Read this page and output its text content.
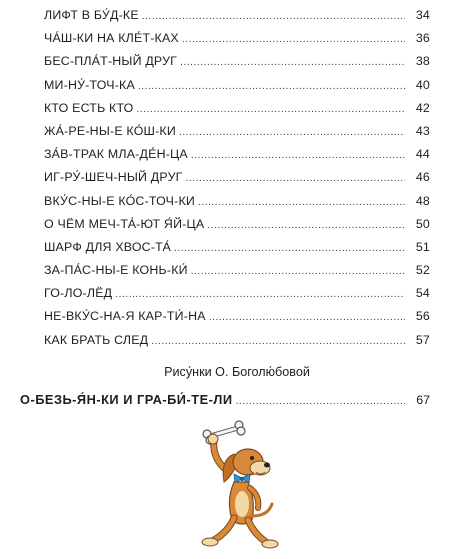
ЛИФТ В БУ́Д-КЕ . . .	34
ЧА́Ш-КИ НА КЛЕ́Т-КАХ . . .	36
БЕС-ПЛА́Т-НЫЙ ДРУГ . . .	38
МИ-НУ́-ТОЧ-КА . . .	40
КТО ЕСТЬ КТО . . .	42
ЖА́-РЕ-НЫ-Е КО́Ш-КИ . . .	43
ЗА́В-ТРАК МЛА-ДЕ́Н-ЦА . . .	44
ИГ-РУ́-ШЕЧ-НЫЙ ДРУГ . . .	46
ВКУ́С-НЫ-Е КО́С-ТОЧ-КИ . . .	48
О ЧЁМ МЕЧ-ТА́-ЮТ Я́Й-ЦА . . .	50
ШАРФ ДЛЯ ХВОС-ТА́ . . .	51
ЗА-ПА́С-НЫ-Е КОНЬ-КИ́ . . .	52
ГО-ЛО-ЛЁД . . .	54
НЕ-ВКУ́С-НА-Я КАР-ТИ́-НА . . .	56
КАК БРАТЬ СЛЕД . . .	57
Рису́нки О. Боголю́бовой
О-БЕЗЬ-Я́Н-КИ И ГРА-БИ́-ТЕ-ЛИ . . .	67
